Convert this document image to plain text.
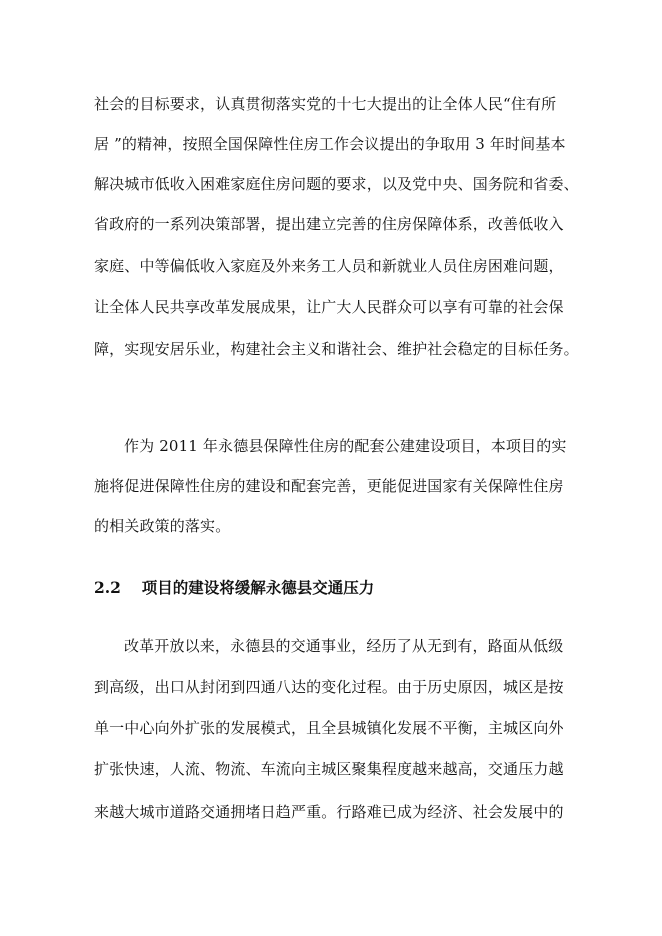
社会的目标要求，认真贯彻落实党的十七大提出的让全体人民“住有所
居 ”的精神，按照全国保障性住房工作会议提出的争取用 3 年时间基本
解决城市低收入困难家庭住房问题的要求，以及党中央、国务院和省委、
省政府的一系列决策部署，提出建立完善的住房保障体系，改善低收入
家庭、中等偏低收入家庭及外来务工人员和新就业人员住房困难问题，
让全体人民共享改革发展成果，让广大人民群众可以享有可靠的社会保
障，实现安居乐业，构建社会主义和谐社会、维护社会稳定的目标任务。
作为 2011 年永德县保障性住房的配套公建建设项目，本项目的实
施将促进保障性住房的建设和配套完善，更能促进国家有关保障性住房
的相关政策的落实。
2.2 项目的建设将缓解永德县交通压力
改革开放以来，永德县的交通事业，经历了从无到有，路面从低级
到高级，出口从封闭到四通八达的变化过程。由于历史原因，城区是按
单一中心向外扩张的发展模式，且全县城镇化发展不平衡，主城区向外
扩张快速，人流、物流、车流向主城区聚集程度越来越高，交通压力越
来越大城市道路交通拥堵日趋严重。行路难已成为经济、社会发展中的
